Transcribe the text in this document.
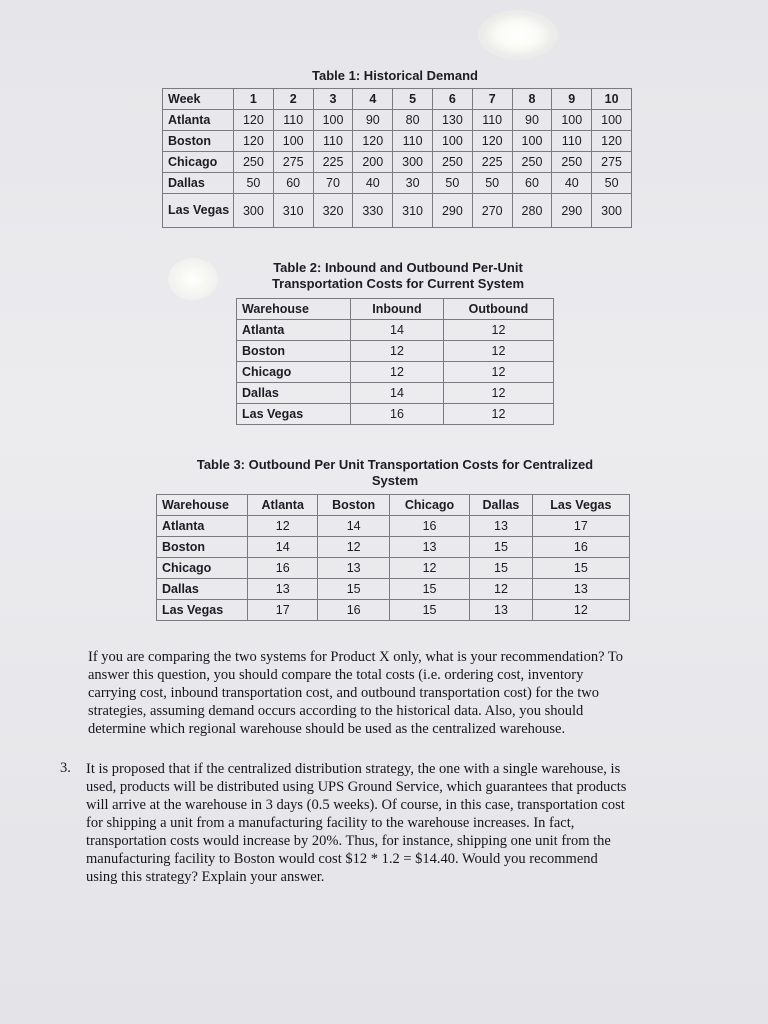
Table 1: Historical Demand
Week	1	2	3	4	5	6	7	8	9	10
Atlanta	120	110	100	90	80	130	110	90	100	100
Boston	120	100	110	120	110	100	120	100	110	120
Chicago	250	275	225	200	300	250	225	250	250	275
Dallas	50	60	70	40	30	50	50	60	40	50
Las Vegas	300	310	320	330	310	290	270	280	290	300
Table 2: Inbound and Outbound Per-Unit
Transportation Costs for Current System
Warehouse	Inbound	Outbound
Atlanta	14	12
Boston	12	12
Chicago	12	12
Dallas	14	12
Las Vegas	16	12
Table 3: Outbound Per Unit Transportation Costs for Centralized
System
Warehouse	Atlanta	Boston	Chicago	Dallas	Las Vegas
Atlanta	12	14	16	13	17
Boston	14	12	13	15	16
Chicago	16	13	12	15	15
Dallas	13	15	15	12	13
Las Vegas	17	16	15	13	12
If you are comparing the two systems for Product X only, what is your recommendation? To
answer this question, you should compare the total costs (i.e. ordering cost, inventory
carrying cost, inbound transportation cost, and outbound transportation cost) for the two
strategies, assuming demand occurs according to the historical data. Also, you should
determine which regional warehouse should be used as the centralized warehouse.
3. It is proposed that if the centralized distribution strategy, the one with a single warehouse, is
used, products will be distributed using UPS Ground Service, which guarantees that products
will arrive at the warehouse in 3 days (0.5 weeks). Of course, in this case, transportation cost
for shipping a unit from a manufacturing facility to the warehouse increases. In fact,
transportation costs would increase by 20%. Thus, for instance, shipping one unit from the
manufacturing facility to Boston would cost $12 * 1.2 = $14.40. Would you recommend
using this strategy? Explain your answer.
